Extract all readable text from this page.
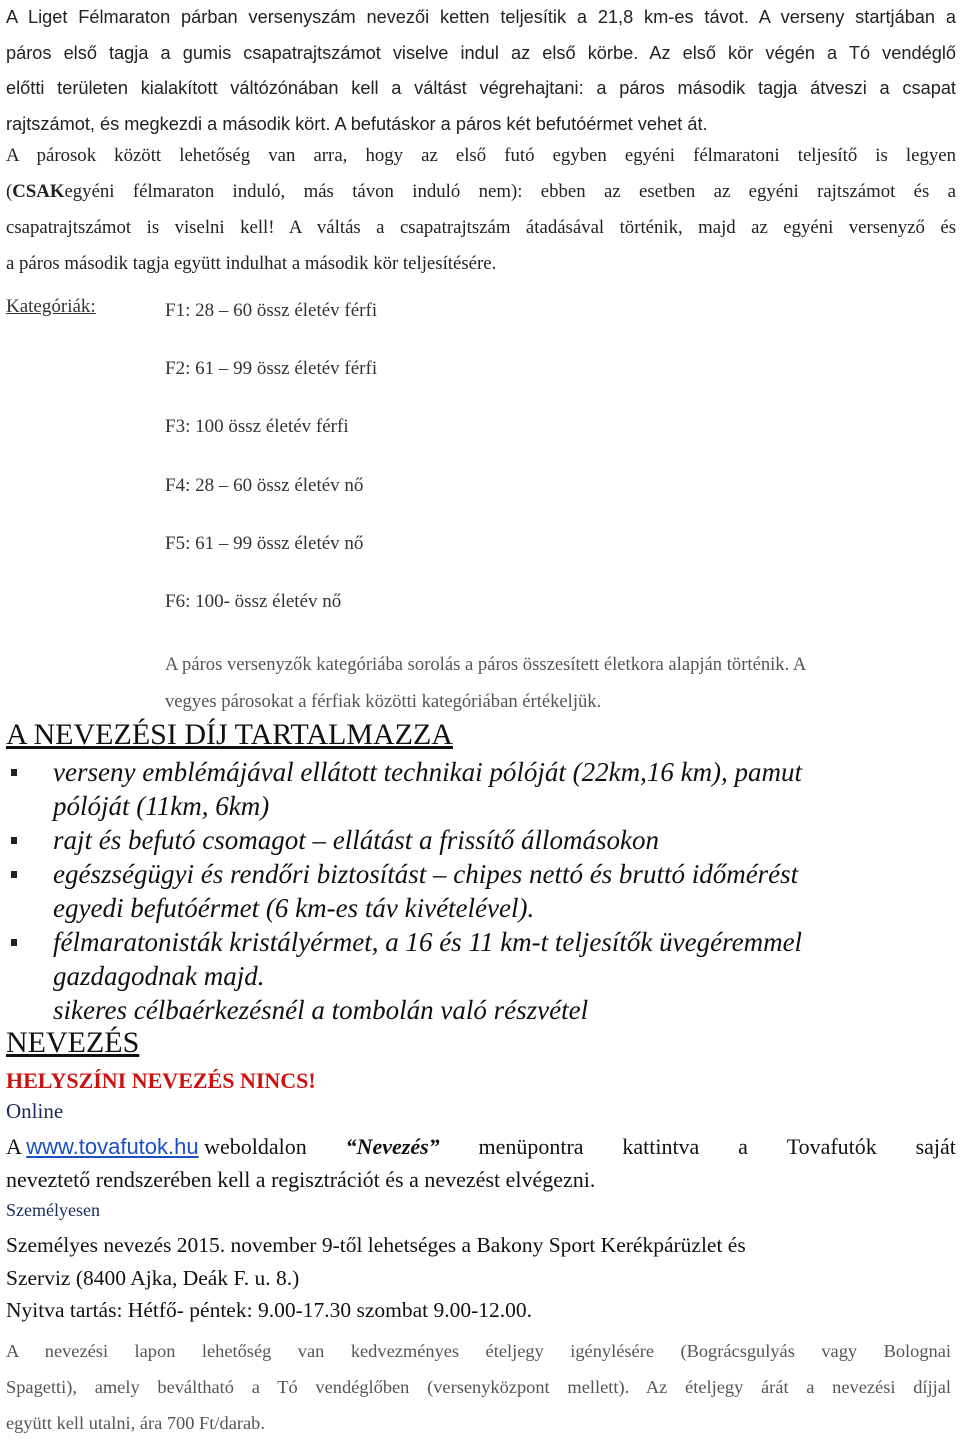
A Liget Félmaraton párban versenyszám nevezői ketten teljesítik a 21,8 km-es távot. A verseny startjában a
páros első tagja a gumis csapatrajtszámot viselve indul az első körbe. Az első kör végén a Tó vendéglő
előtti területen kialakított váltózónában kell a váltást végrehajtani: a páros második tagja átveszi a csapat
rajtszámot, és megkezdi a második kört. A befutáskor a páros két befutóérmet vehet át.
A párosok között lehetőség van arra, hogy az első futó egyben egyéni félmaratoni teljesítő is legyen
(CSAKegyéni félmaraton induló, más távon induló nem): ebben az esetben az egyéni rajtszámot és a
csapatrajtszámot is viselni kell! A váltás a csapatrajtszám átadásával történik, majd az egyéni versenyző és
a páros második tagja együtt indulhat a második kör teljesítésére.
Kategóriák:	F1: 28 – 60 össz életév férfi
F2: 61 – 99 össz életév férfi
F3: 100 össz életév férfi
F4: 28 – 60 össz életév nő
F5: 61 – 99 össz életév nő
F6: 100- össz életév nő
A páros versenyzők kategóriába sorolás a páros összesített életkora alapján történik. A
vegyes párosokat a férfiak közötti kategóriában értékeljük.
A NEVEZÉSI DÍJ TARTALMAZZA
verseny emblémájával ellátott technikai pólóját (22km,16 km), pamut
pólóját (11km, 6km)
rajt és befutó csomagot – ellátást a frissítő állomásokon
egészségügyi és rendőri biztosítást – chipes nettó és bruttó időmérést
egyedi befutóérmet (6 km-es táv kivételével).
félmaratonisták kristályérmet, a 16 és 11 km-t teljesítők üvegéremmel
gazdagodnak majd.
sikeres célbaérkezésnél a tombolán való részvétel
NEVEZÉS
HELYSZÍNI NEVEZÉS NINCS!
Online
A www.tovafutok.hu weboldalon “Nevezés” menüpontra kattintva a Tovafutók saját
neveztető rendszerében kell a regisztrációt és a nevezést elvégezni.
Személyesen
Személyes nevezés 2015. november 9-től lehetséges a Bakony Sport Kerékpárüzlet és
Szerviz (8400 Ajka, Deák F. u. 8.)
Nyitva tartás: Hétfő- péntek: 9.00-17.30 szombat 9.00-12.00.
A nevezési lapon lehetőség van kedvezményes ételjegy igénylésére (Bográcsgulyás vagy Bolognai
Spagetti), amely beváltható a Tó vendéglőben (versenyközpont mellett). Az ételjegy árát a nevezési díjjal
együtt kell utalni, ára 700 Ft/darab.
